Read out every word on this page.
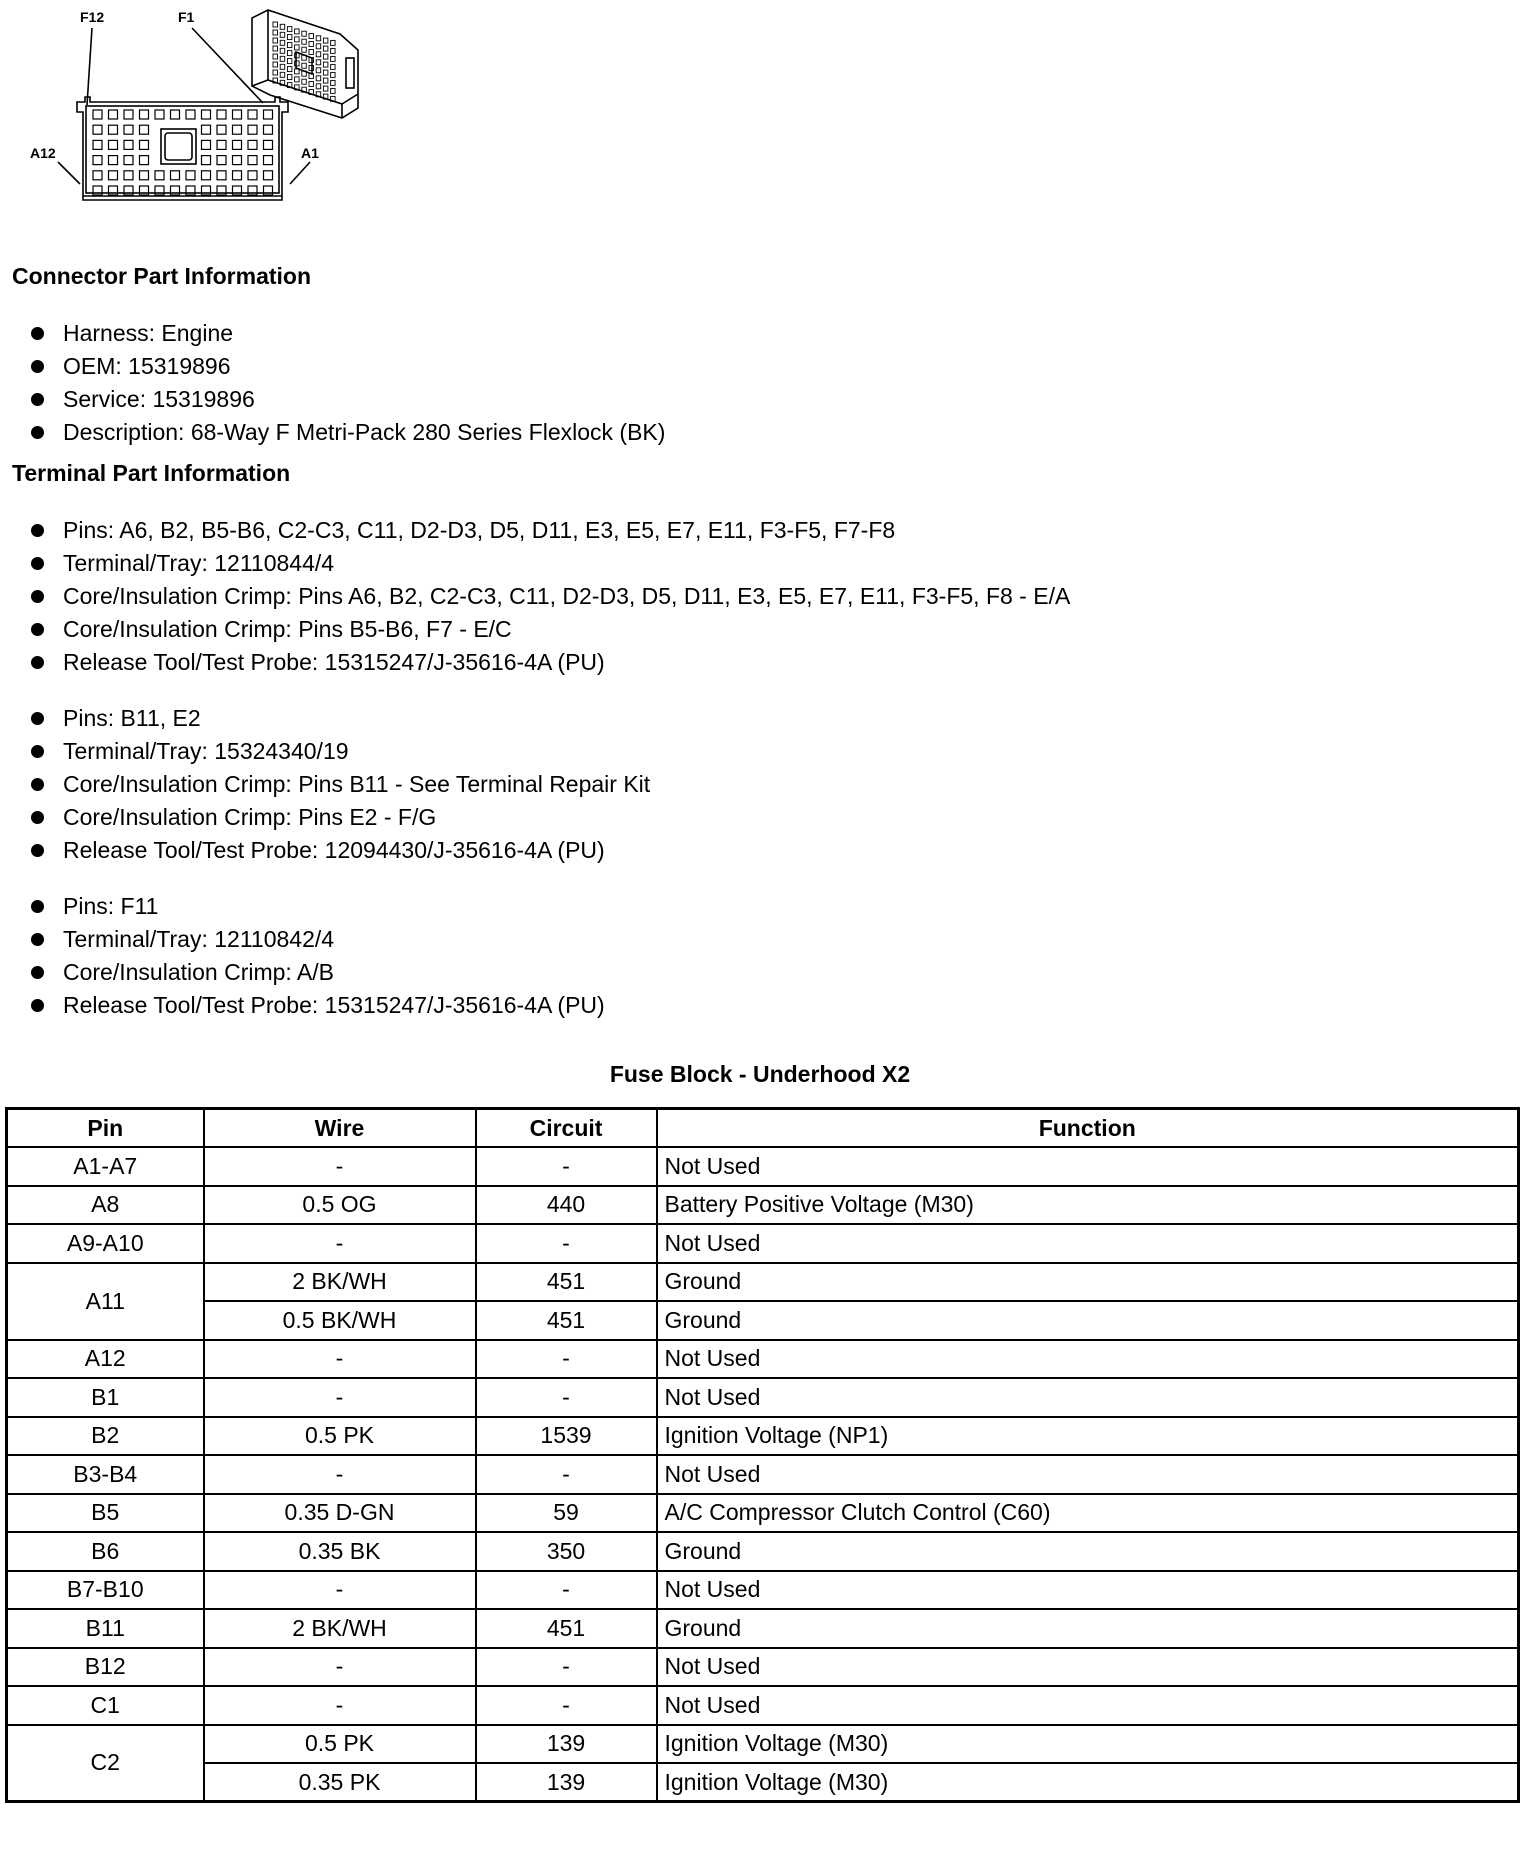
F12	F1
A12	A1
Connector Part Information
Harness: Engine
OEM: 15319896
Service: 15319896
Description: 68-Way F Metri-Pack 280 Series Flexlock (BK)
Terminal Part Information
Pins: A6, B2, B5-B6, C2-C3, C11, D2-D3, D5, D11, E3, E5, E7, E11, F3-F5, F7-F8
Terminal/Tray: 12110844/4
Core/Insulation Crimp: Pins A6, B2, C2-C3, C11, D2-D3, D5, D11, E3, E5, E7, E11, F3-F5, F8 - E/A
Core/Insulation Crimp: Pins B5-B6, F7 - E/C
Release Tool/Test Probe: 15315247/J-35616-4A (PU)
Pins: B11, E2
Terminal/Tray: 15324340/19
Core/Insulation Crimp: Pins B11 - See Terminal Repair Kit
Core/Insulation Crimp: Pins E2 - F/G
Release Tool/Test Probe: 12094430/J-35616-4A (PU)
Pins: F11
Terminal/Tray: 12110842/4
Core/Insulation Crimp: A/B
Release Tool/Test Probe: 15315247/J-35616-4A (PU)
Fuse Block - Underhood X2
Pin	Wire	Circuit	Function
A1-A7	-	-	Not Used
A8	0.5 OG	440	Battery Positive Voltage (M30)
A9-A10	-	-	Not Used
A11	2 BK/WH	451	Ground
	0.5 BK/WH	451	Ground
A12	-	-	Not Used
B1	-	-	Not Used
B2	0.5 PK	1539	Ignition Voltage (NP1)
B3-B4	-	-	Not Used
B5	0.35 D-GN	59	A/C Compressor Clutch Control (C60)
B6	0.35 BK	350	Ground
B7-B10	-	-	Not Used
B11	2 BK/WH	451	Ground
B12	-	-	Not Used
C1	-	-	Not Used
C2	0.5 PK	139	Ignition Voltage (M30)
	0.35 PK	139	Ignition Voltage (M30)
